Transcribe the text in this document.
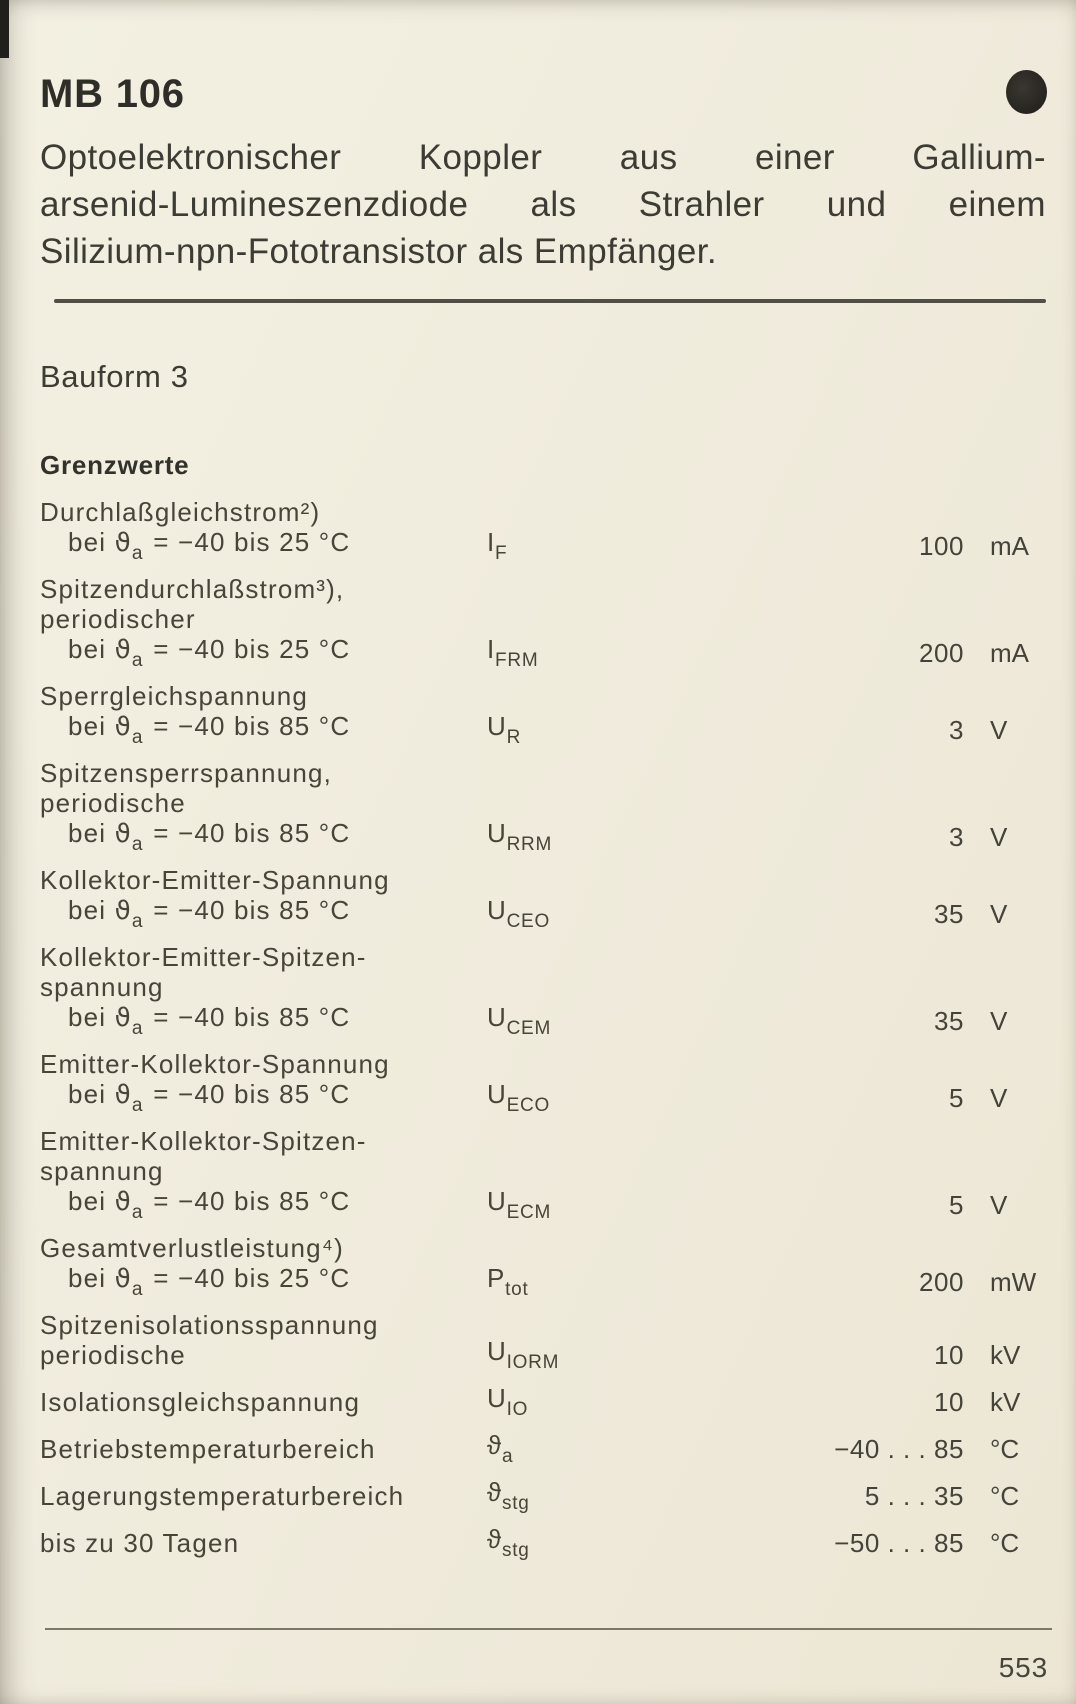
MB 106
Optoelektronischer Koppler aus einer Gallium-
arsenid-Lumineszenzdiode als Strahler und einem
Silizium-npn-Fototransistor als Empfänger.
Bauform 3
Grenzwerte
Durchlaßgleichstrom²)
bei $ϑ_a = -40$ bis 25 °C	$I_F$	100	mA
Spitzendurchlaßstrom³),
periodischer
bei $ϑ_a = -40$ bis 25 °C	$I_{FRM}$	200	mA
Sperrgleichspannung
bei $ϑ_a = -40$ bis 85 °C	$U_R$	3	V
Spitzensperrspannung,
periodische
bei $ϑ_a = -40$ bis 85 °C	$U_{RRM}$	3	V
Kollektor-Emitter-Spannung
bei $ϑ_a = -40$ bis 85 °C	$U_{CEO}$	35	V
Kollektor-Emitter-Spitzen-
spannung
bei $ϑ_a = -40$ bis 85 °C	$U_{CEM}$	35	V
Emitter-Kollektor-Spannung
bei $ϑ_a = -40$ bis 85 °C	$U_{ECO}$	5	V
Emitter-Kollektor-Spitzen-
spannung
bei $ϑ_a = -40$ bis 85 °C	$U_{ECM}$	5	V
Gesamtverlustleistung⁴)
bei $ϑ_a = -40$ bis 25 °C	$P_{tot}$	200	mW
Spitzenisolationsspannung
periodische	$U_{IORM}$	10	kV
Isolationsgleichspannung	$U_{IO}$	10	kV
Betriebstemperaturbereich	$ϑ_a$	−40 . . . 85	°C
Lagerungstemperaturbereich	$ϑ_{stg}$	5 . . . 35	°C
bis zu 30 Tagen	$ϑ_{stg}$	−50 . . . 85	°C
553
